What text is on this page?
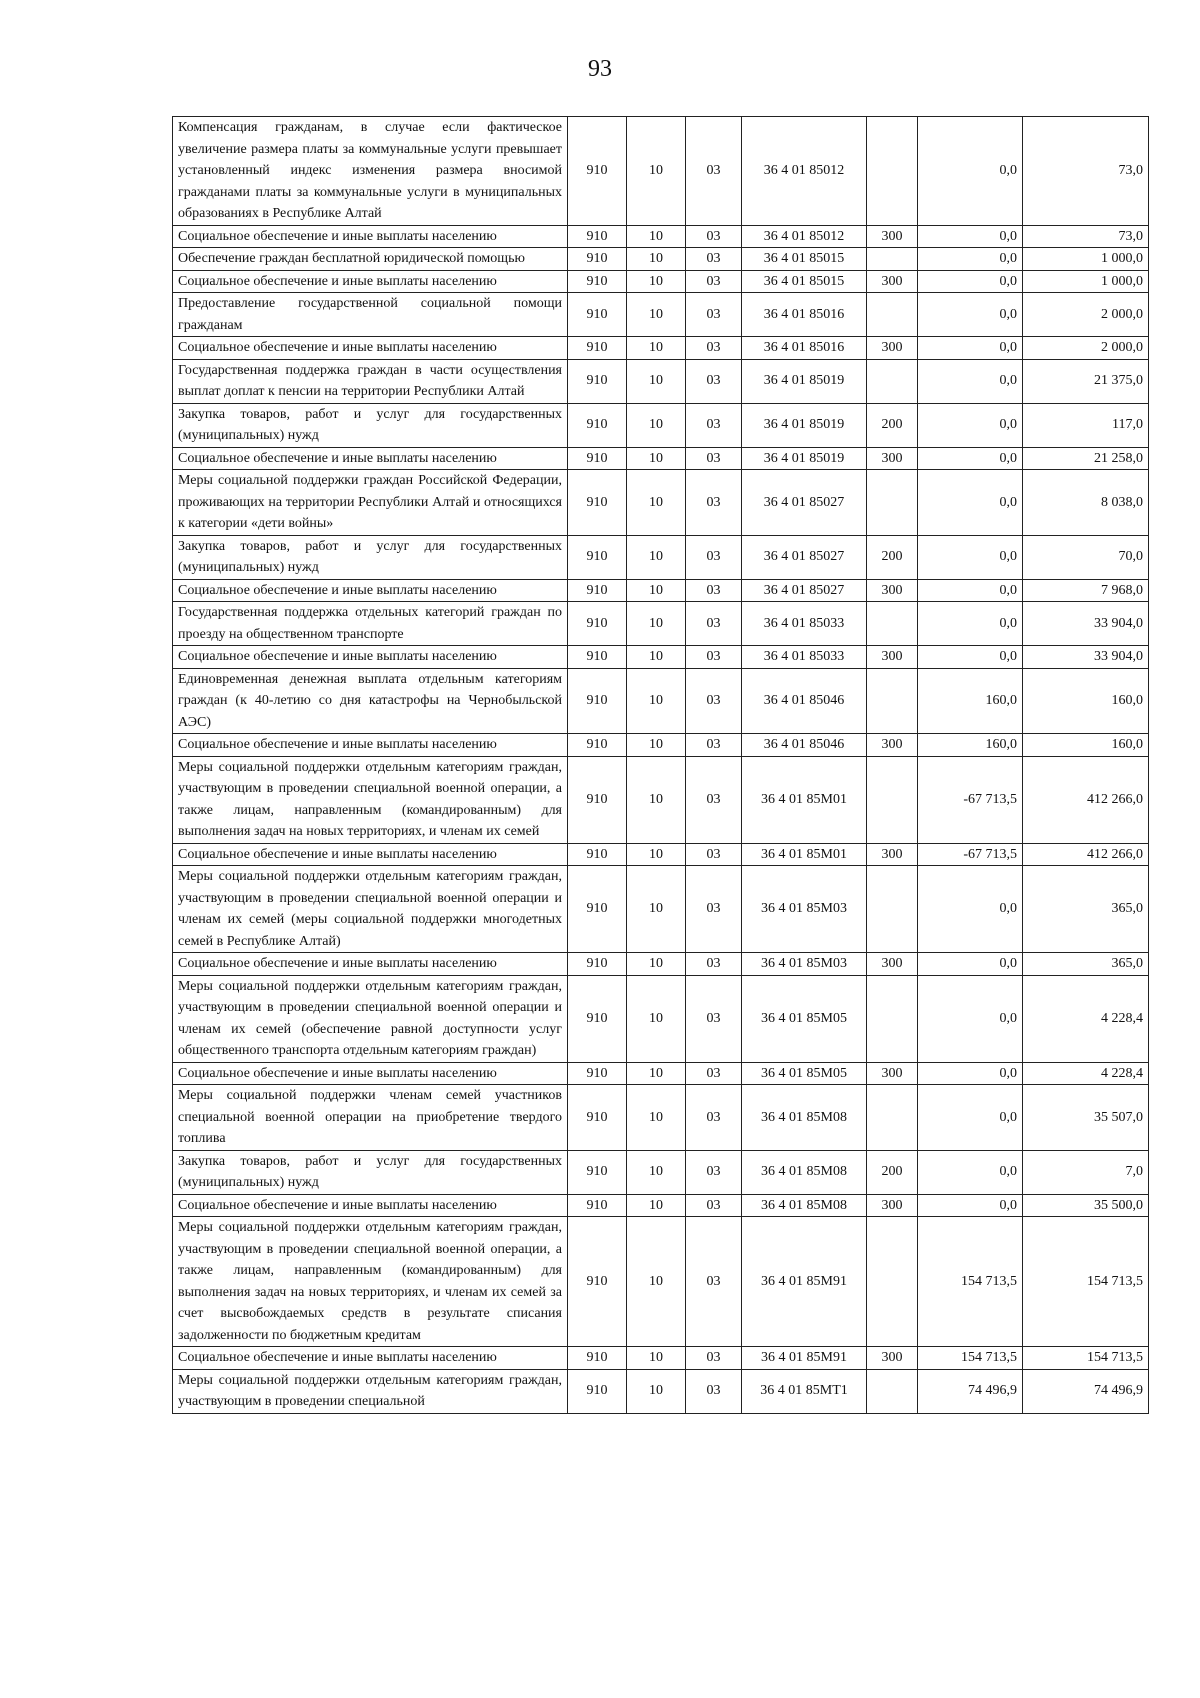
93
Компенсация гражданам, в случае если фактическое увеличение размера платы за коммунальные услуги превышает установленный индекс изменения размера вносимой гражданами платы за коммунальные услуги в муниципальных образованиях в Республике Алтай	910	10	03	36 4 01 85012		0,0	73,0
Социальное обеспечение и иные выплаты населению	910	10	03	36 4 01 85012	300	0,0	73,0
Обеспечение граждан бесплатной юридической помощью	910	10	03	36 4 01 85015		0,0	1 000,0
Социальное обеспечение и иные выплаты населению	910	10	03	36 4 01 85015	300	0,0	1 000,0
Предоставление государственной социальной помощи гражданам	910	10	03	36 4 01 85016		0,0	2 000,0
Социальное обеспечение и иные выплаты населению	910	10	03	36 4 01 85016	300	0,0	2 000,0
Государственная поддержка граждан в части осуществления выплат доплат к пенсии на территории Республики Алтай	910	10	03	36 4 01 85019		0,0	21 375,0
Закупка товаров, работ и услуг для государственных (муниципальных) нужд	910	10	03	36 4 01 85019	200	0,0	117,0
Социальное обеспечение и иные выплаты населению	910	10	03	36 4 01 85019	300	0,0	21 258,0
Меры социальной поддержки граждан Российской Федерации, проживающих на территории Республики Алтай и относящихся к категории «дети войны»	910	10	03	36 4 01 85027		0,0	8 038,0
Закупка товаров, работ и услуг для государственных (муниципальных) нужд	910	10	03	36 4 01 85027	200	0,0	70,0
Социальное обеспечение и иные выплаты населению	910	10	03	36 4 01 85027	300	0,0	7 968,0
Государственная поддержка отдельных категорий граждан по проезду на общественном транспорте	910	10	03	36 4 01 85033		0,0	33 904,0
Социальное обеспечение и иные выплаты населению	910	10	03	36 4 01 85033	300	0,0	33 904,0
Единовременная денежная выплата отдельным категориям граждан (к 40-летию со дня катастрофы на Чернобыльской АЭС)	910	10	03	36 4 01 85046		160,0	160,0
Социальное обеспечение и иные выплаты населению	910	10	03	36 4 01 85046	300	160,0	160,0
Меры социальной поддержки отдельным категориям граждан, участвующим в проведении специальной военной операции, а также лицам, направленным (командированным) для выполнения задач на новых территориях, и членам их семей	910	10	03	36 4 01 85М01		-67 713,5	412 266,0
Социальное обеспечение и иные выплаты населению	910	10	03	36 4 01 85М01	300	-67 713,5	412 266,0
Меры социальной поддержки отдельным категориям граждан, участвующим в проведении специальной военной операции и членам их семей (меры социальной поддержки многодетных семей в Республике Алтай)	910	10	03	36 4 01 85М03		0,0	365,0
Социальное обеспечение и иные выплаты населению	910	10	03	36 4 01 85М03	300	0,0	365,0
Меры социальной поддержки отдельным категориям граждан, участвующим в проведении специальной военной операции и членам их семей (обеспечение равной доступности услуг общественного транспорта отдельным категориям граждан)	910	10	03	36 4 01 85М05		0,0	4 228,4
Социальное обеспечение и иные выплаты населению	910	10	03	36 4 01 85М05	300	0,0	4 228,4
Меры социальной поддержки членам семей участников специальной военной операции на приобретение твердого топлива	910	10	03	36 4 01 85М08		0,0	35 507,0
Закупка товаров, работ и услуг для государственных (муниципальных) нужд	910	10	03	36 4 01 85М08	200	0,0	7,0
Социальное обеспечение и иные выплаты населению	910	10	03	36 4 01 85М08	300	0,0	35 500,0
Меры социальной поддержки отдельным категориям граждан, участвующим в проведении специальной военной операции, а также лицам, направленным (командированным) для выполнения задач на новых территориях, и членам их семей за счет высвобождаемых средств в результате списания задолженности по бюджетным кредитам	910	10	03	36 4 01 85М91		154 713,5	154 713,5
Социальное обеспечение и иные выплаты населению	910	10	03	36 4 01 85М91	300	154 713,5	154 713,5
Меры социальной поддержки отдельным категориям граждан, участвующим в проведении специальной	910	10	03	36 4 01 85МТ1		74 496,9	74 496,9
